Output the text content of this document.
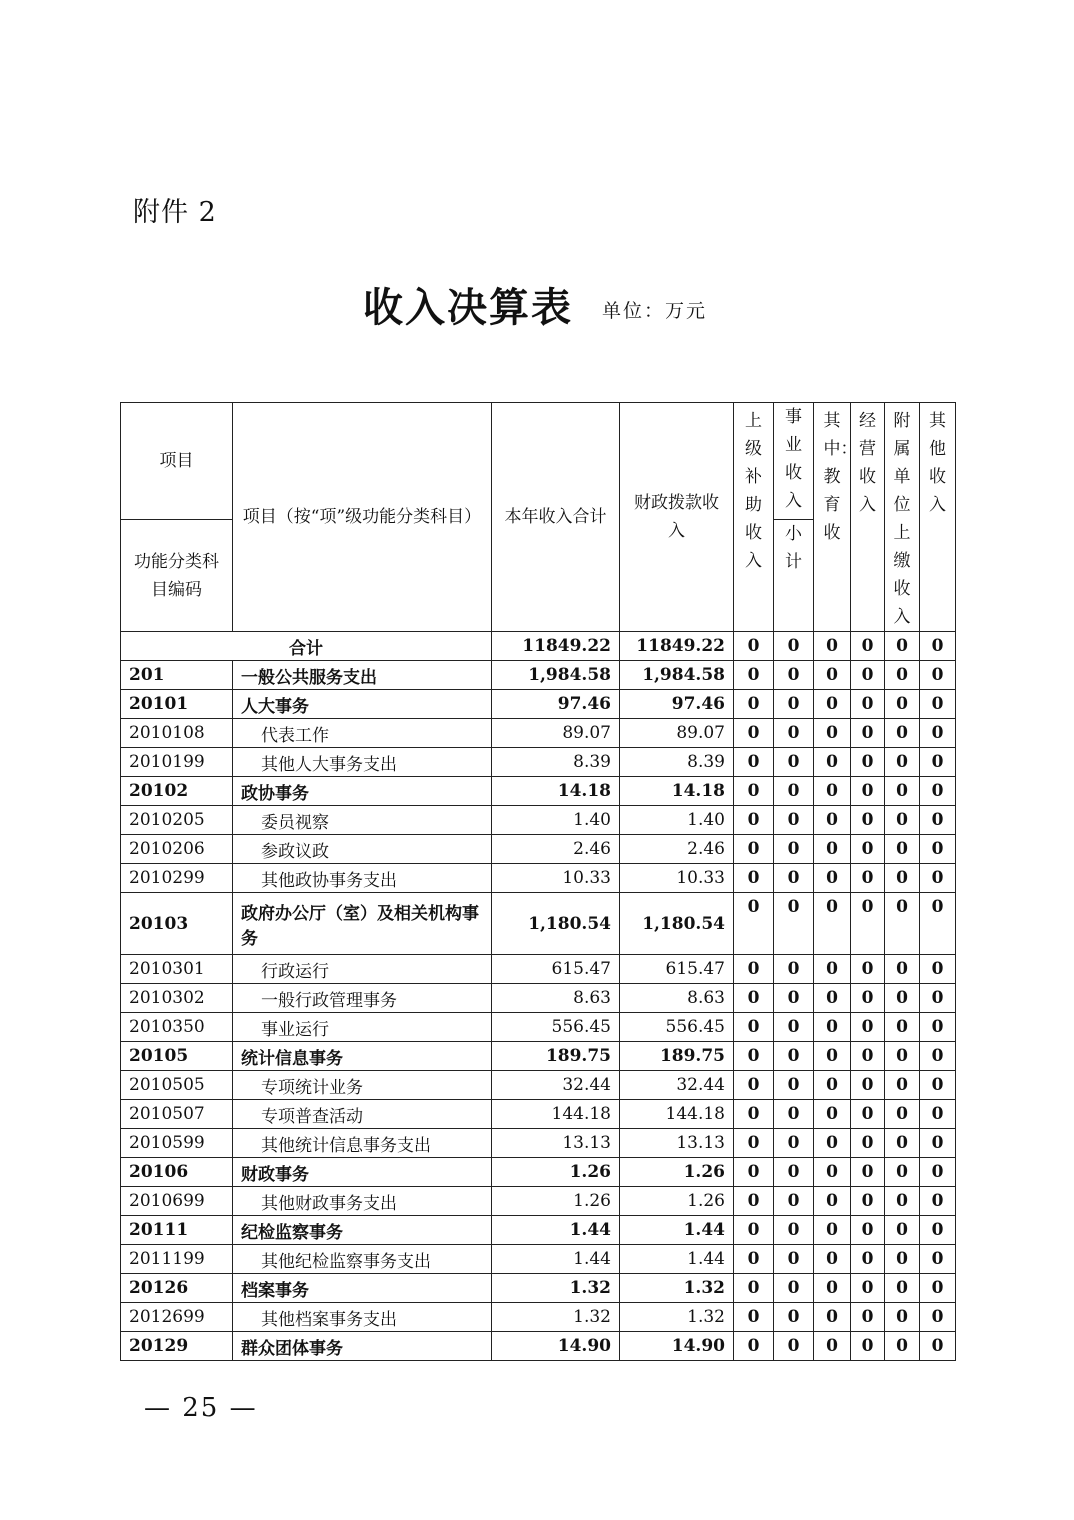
附件 2
收入决算表 单位：万元
项目	项目（按“项”级功能分类科目）	本年收入合计	财政拨款收入	上级补助收入	事业收入	其中：教育收	经营收入	附属单位上缴收入	其他收入

功能分类科目编码					小计				

合计		11849.22	11849.22	0	0	0	0	0	0
201	一般公共服务支出	1,984.58	1,984.58	0	0	0	0	0	0
20101	人大事务	97.46	97.46	0	0	0	0	0	0
2010108	代表工作	89.07	89.07	0	0	0	0	0	0
2010199	其他人大事务支出	8.39	8.39	0	0	0	0	0	0
20102	政协事务	14.18	14.18	0	0	0	0	0	0
2010205	委员视察	1.40	1.40	0	0	0	0	0	0
2010206	参政议政	2.46	2.46	0	0	0	0	0	0
2010299	其他政协事务支出	10.33	10.33	0	0	0	0	0	0
20103	政府办公厅（室）及相关机构事务	1,180.54	1,180.54	0	0	0	0	0	0
2010301	行政运行	615.47	615.47	0	0	0	0	0	0
2010302	一般行政管理事务	8.63	8.63	0	0	0	0	0	0
2010350	事业运行	556.45	556.45	0	0	0	0	0	0
20105	统计信息事务	189.75	189.75	0	0	0	0	0	0
2010505	专项统计业务	32.44	32.44	0	0	0	0	0	0
2010507	专项普查活动	144.18	144.18	0	0	0	0	0	0
2010599	其他统计信息事务支出	13.13	13.13	0	0	0	0	0	0
20106	财政事务	1.26	1.26	0	0	0	0	0	0
2010699	其他财政事务支出	1.26	1.26	0	0	0	0	0	0
20111	纪检监察事务	1.44	1.44	0	0	0	0	0	0
2011199	其他纪检监察事务支出	1.44	1.44	0	0	0	0	0	0
20126	档案事务	1.32	1.32	0	0	0	0	0	0
2012699	其他档案事务支出	1.32	1.32	0	0	0	0	0	0
20129	群众团体事务	14.90	14.90	0	0	0	0	0	0
— 25 —
